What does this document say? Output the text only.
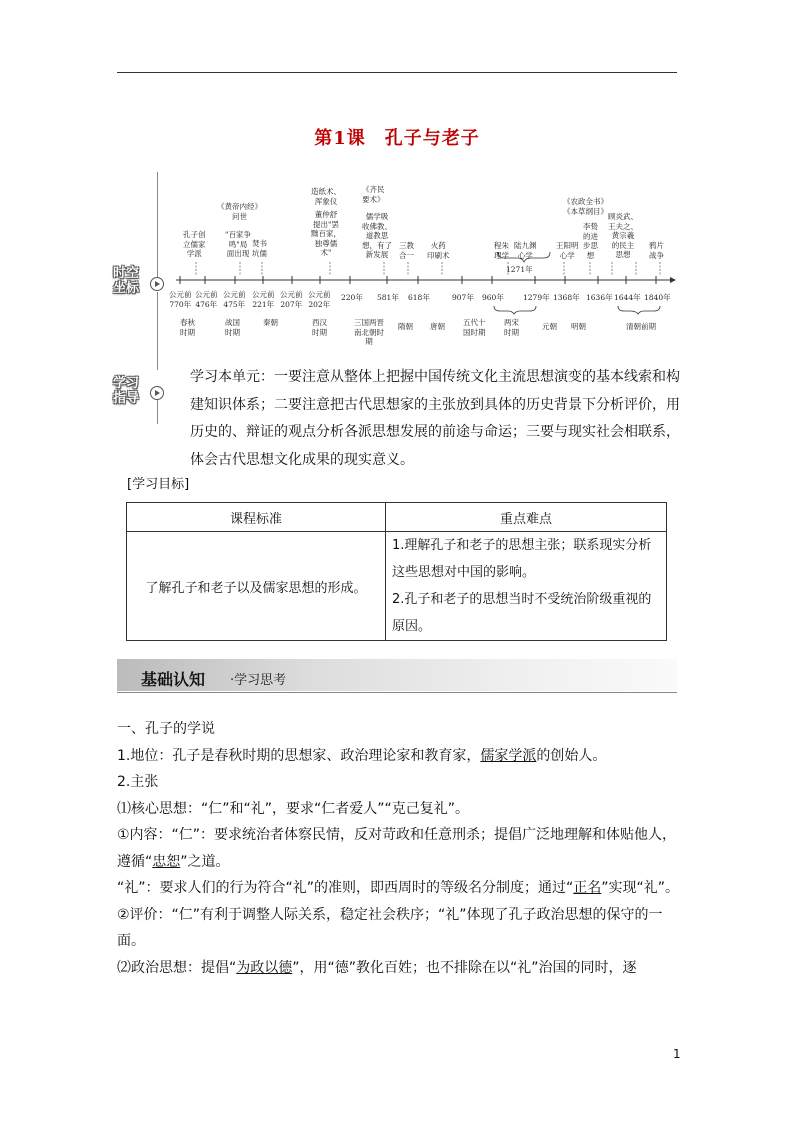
第1课　孔子与老子
时空
坐标
学习
指导
孔子创
立儒家
学派
《黄帝内经》
问世
"百家争
鸣"局
面出现
焚书
坑儒
造纸术、
浑象仪
董仲舒
提出"罢
黜百家，
独尊儒
术"
《齐民
要术》
儒学吸
收佛教、
道教思
想，有了
新发展
三教
合一
火药
印刷术
程朱
理学
陆九渊
心学
1271年
《农政全书》
《本草纲目》
王阳明
心学
李贽
的进
步思
想
顾炎武、
王夫之、
黄宗羲
的民主
思想
鸦片
战争
公元前
770年
公元前
476年
公元前
475年
公元前
221年
公元前
207年
公元前
202年
220年 581年 618年	907年 960年	1279年 1368年 1636年 1644年 1840年
春秋
时期
战国
时期
秦朝	西汉
时期
三国两晋
南北朝时
期
隋朝 唐朝 五代十
国时期
两宋
时期
元朝 明朝	清朝前期
学习本单元：一要注意从整体上把握中国传统文化主流思想演变的基本线索和构建知识体系；二要注意把古代思想家的主张放到具体的历史背景下分析评价，用历史的、辩证的观点分析各派思想发展的前途与命运；三要与现实社会相联系，体会古代思想文化成果的现实意义。
[学习目标]
课程标准	重点难点
了解孔子和老子以及儒家思想的形成。	1.理解孔子和老子的思想主张；联系现实分析这些思想对中国的影响。
2.孔子和老子的思想当时不受统治阶级重视的原因。
基础认知 ·学习思考

一、孔子的学说

1.地位：孔子是春秋时期的思想家、政治理论家和教育家，儒家学派的创始人。

2.主张

⑴核心思想：“仁”和“礼”，要求“仁者爱人”“克己复礼”。

①内容：“仁”：要求统治者体察民情，反对苛政和任意刑杀；提倡广泛地理解和体贴他人，遵循“忠恕”之道。

“礼”：要求人们的行为符合“礼”的准则，即西周时的等级名分制度；通过“正名”实现“礼”。

②评价：“仁”有利于调整人际关系，稳定社会秩序；“礼”体现了孔子政治思想的保守的一面。

⑵政治思想：提倡“为政以德”，用“德”教化百姓；也不排除在以“礼”治国的同时，逐

1
